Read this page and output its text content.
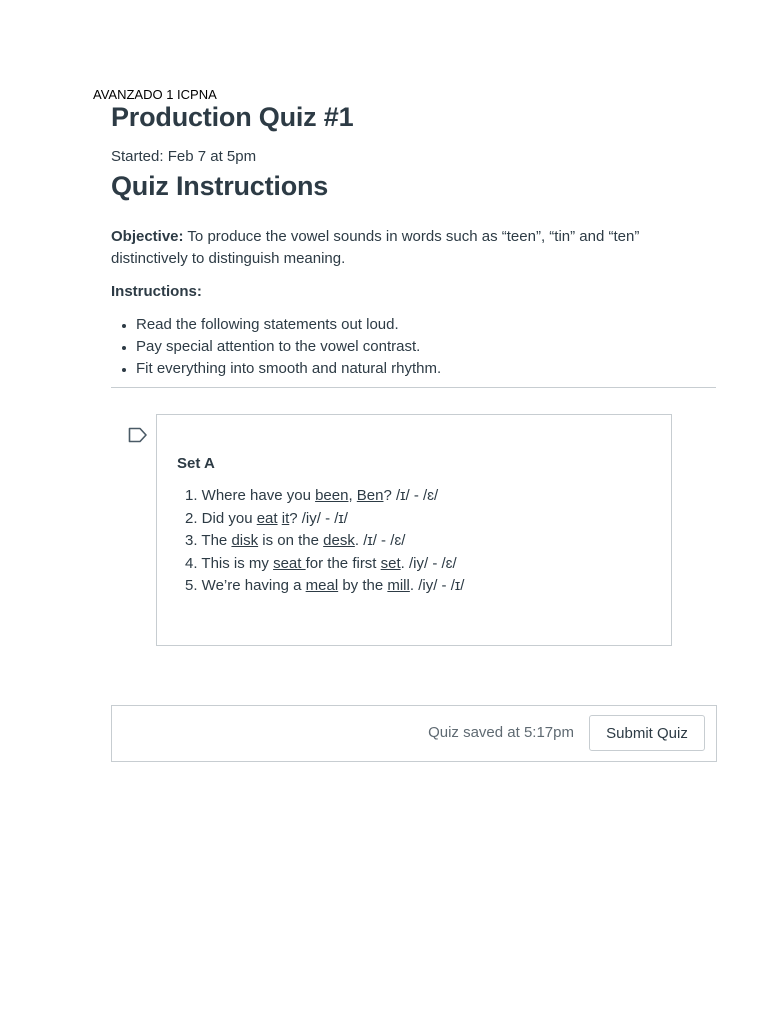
AVANZADO 1 ICPNA
Production Quiz #1
Started: Feb 7 at 5pm
Quiz Instructions
Objective: To produce the vowel sounds in words such as “teen”, “tin” and “ten” distinctively to distinguish meaning.
Instructions:
Read the following statements out loud.
Pay special attention to the vowel contrast.
Fit everything into smooth and natural rhythm.
Set A
1. Where have you been, Ben? /ɪ/ - /ɛ/
2. Did you eat it? /iy/ - /ɪ/
3. The disk is on the desk. /ɪ/ - /ɛ/
4. This is my seat for the first set. /iy/ - /ɛ/
5. We’re having a meal by the mill. /iy/ - /ɪ/
Quiz saved at 5:17pm	Submit Quiz
